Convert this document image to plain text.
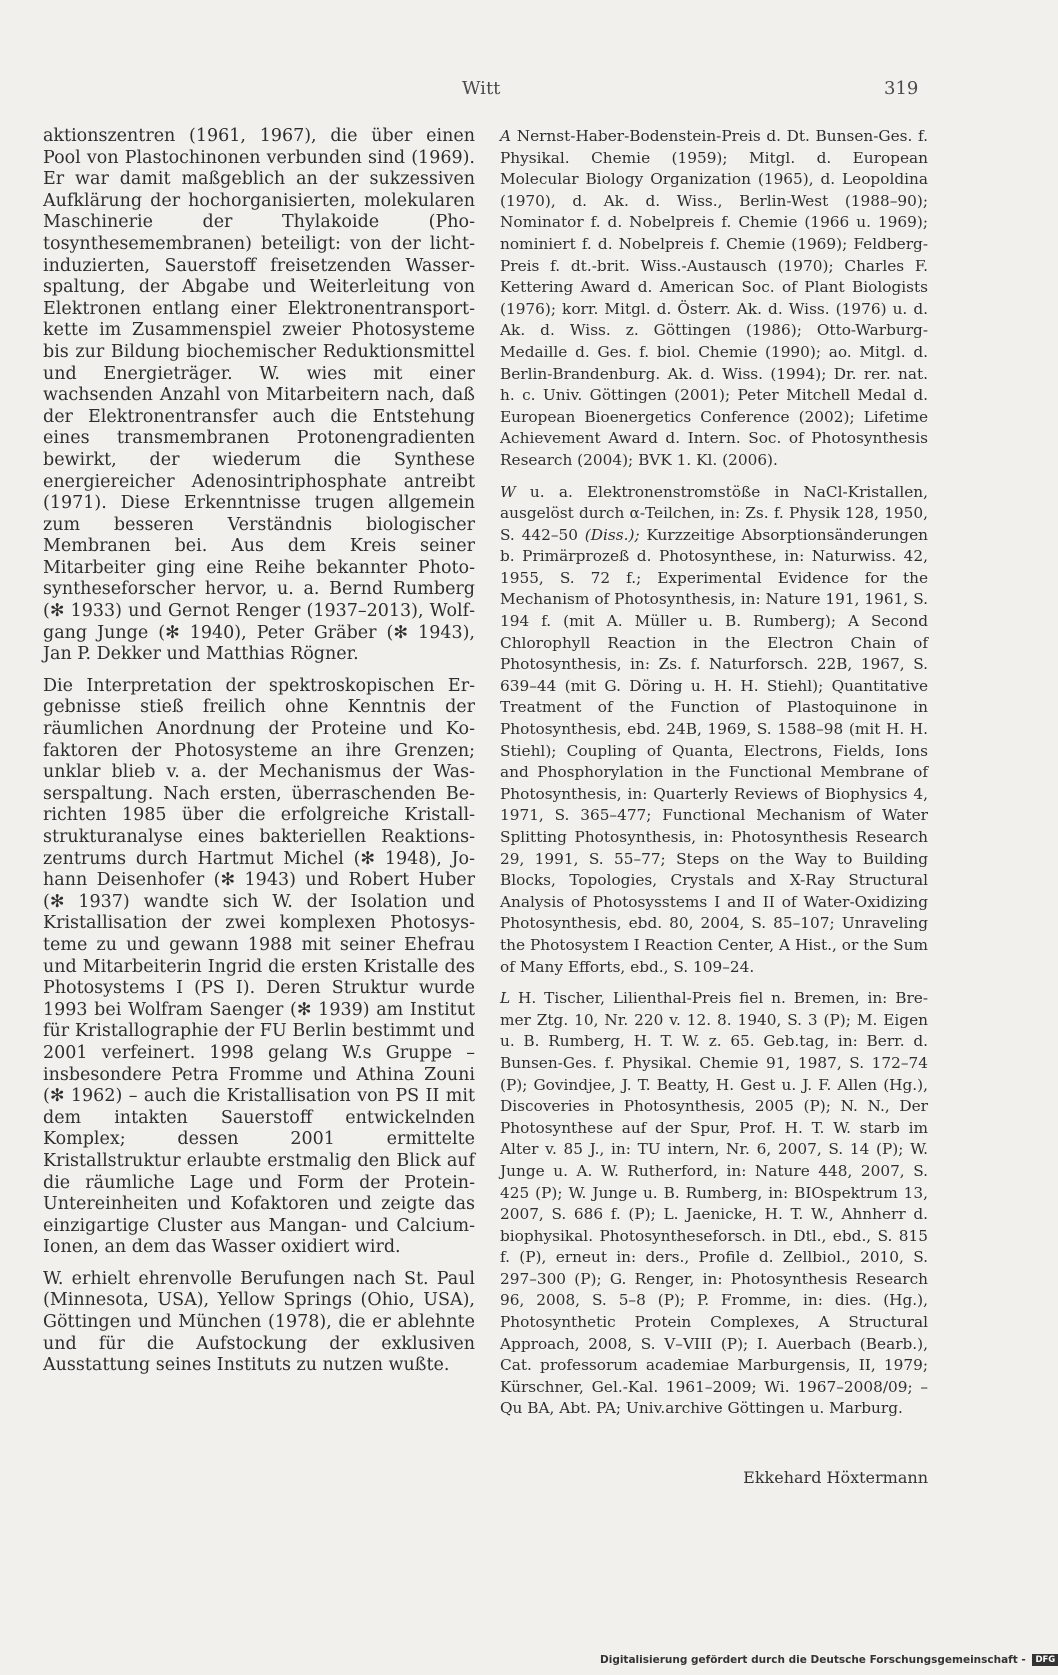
Witt	319

aktionszentren (1961, 1967), die über einen Pool von Plastochinonen verbunden sind (1969). Er war damit maßgeblich an der sukzessiven Aufklärung der hochorganisierten, molekularen Maschinerie der Thylakoide (Photosynthesemembranen) beteiligt: von der lichtinduzierten, Sauerstoff freisetzenden Wasserspaltung, der Abgabe und Weiterleitung von Elektronen entlang einer Elektronentransportkette im Zusammenspiel zweier Photosysteme bis zur Bildung biochemischer Reduktionsmittel und Energieträger. W. wies mit einer wachsenden Anzahl von Mitarbeitern nach, daß der Elektronentransfer auch die Entstehung eines transmembranen Protonengradienten bewirkt, der wiederum die Synthese energiereicher Adenosintriphosphate antreibt (1971). Diese Erkenntnisse trugen allgemein zum besseren Verständnis biologischer Membranen bei. Aus dem Kreis seiner Mitarbeiter ging eine Reihe bekannter Photosyntheseforscher hervor, u. a. Bernd Rumberg (✻ 1933) und Gernot Renger (1937–2013), Wolfgang Junge (✻ 1940), Peter Gräber (✻ 1943), Jan P. Dekker und Matthias Rögner.

Die Interpretation der spektroskopischen Ergebnisse stieß freilich ohne Kenntnis der räumlichen Anordnung der Proteine und Kofaktoren der Photosysteme an ihre Grenzen; unklar blieb v. a. der Mechanismus der Wasserspaltung. Nach ersten, überraschenden Berichten 1985 über die erfolgreiche Kristallstrukturanalyse eines bakteriellen Reaktionszentrums durch Hartmut Michel (✻ 1948), Johann Deisenhofer (✻ 1943) und Robert Huber (✻ 1937) wandte sich W. der Isolation und Kristallisation der zwei komplexen Photosysteme zu und gewann 1988 mit seiner Ehefrau und Mitarbeiterin Ingrid die ersten Kristalle des Photosystems I (PS I). Deren Struktur wurde 1993 bei Wolfram Saenger (✻ 1939) am Institut für Kristallographie der FU Berlin bestimmt und 2001 verfeinert. 1998 gelang W.s Gruppe – insbesondere Petra Fromme und Athina Zouni (✻ 1962) – auch die Kristallisation von PS II mit dem intakten Sauerstoff entwickelnden Komplex; dessen 2001 ermittelte Kristallstruktur erlaubte erstmalig den Blick auf die räumliche Lage und Form der Protein-Untereinheiten und Kofaktoren und zeigte das einzigartige Cluster aus Mangan- und Calcium-Ionen, an dem das Wasser oxidiert wird.

W. erhielt ehrenvolle Berufungen nach St. Paul (Minnesota, USA), Yellow Springs (Ohio, USA), Göttingen und München (1978), die er ablehnte und für die Aufstockung der exklusiven Ausstattung seines Instituts zu nutzen wußte.

A Nernst-Haber-Bodenstein-Preis d. Dt. Bunsen-Ges. f. Physikal. Chemie (1959); Mitgl. d. European Molecular Biology Organization (1965), d. Leopoldina (1970), d. Ak. d. Wiss., Berlin-West (1988–90); Nominator f. d. Nobelpreis f. Chemie (1966 u. 1969); nominiert f. d. Nobelpreis f. Chemie (1969); Feldberg-Preis f. dt.-brit. Wiss.-Austausch (1970); Charles F. Kettering Award d. American Soc. of Plant Biologists (1976); korr. Mitgl. d. Österr. Ak. d. Wiss. (1976) u. d. Ak. d. Wiss. z. Göttingen (1986); Otto-Warburg-Medaille d. Ges. f. biol. Chemie (1990); ao. Mitgl. d. Berlin-Brandenburg. Ak. d. Wiss. (1994); Dr. rer. nat. h. c. Univ. Göttingen (2001); Peter Mitchell Medal d. European Bioenergetics Conference (2002); Lifetime Achievement Award d. Intern. Soc. of Photosynthesis Research (2004); BVK 1. Kl. (2006).

W u. a. Elektronenstromstöße in NaCl-Kristallen, ausgelöst durch α-Teilchen, in: Zs. f. Physik 128, 1950, S. 442–50 (Diss.); Kurzzeitige Absorptionsänderungen b. Primärprozeß d. Photosynthese, in: Naturwiss. 42, 1955, S. 72 f.; Experimental Evidence for the Mechanism of Photosynthesis, in: Nature 191, 1961, S. 194 f. (mit A. Müller u. B. Rumberg); A Second Chlorophyll Reaction in the Electron Chain of Photosynthesis, in: Zs. f. Naturforsch. 22B, 1967, S. 639–44 (mit G. Döring u. H. H. Stiehl); Quantitative Treatment of the Function of Plastoquinone in Photosynthesis, ebd. 24B, 1969, S. 1588–98 (mit H. H. Stiehl); Coupling of Quanta, Electrons, Fields, Ions and Phosphorylation in the Functional Membrane of Photosynthesis, in: Quarterly Reviews of Biophysics 4, 1971, S. 365–477; Functional Mechanism of Water Splitting Photosynthesis, in: Photosynthesis Research 29, 1991, S. 55–77; Steps on the Way to Building Blocks, Topologies, Crystals and X-Ray Structural Analysis of Photosysstems I and II of Water-Oxidizing Photosynthesis, ebd. 80, 2004, S. 85–107; Unraveling the Photosystem I Reaction Center, A Hist., or the Sum of Many Efforts, ebd., S. 109–24.

L H. Tischer, Lilienthal-Preis fiel n. Bremen, in: Bremer Ztg. 10, Nr. 220 v. 12. 8. 1940, S. 3 (P); M. Eigen u. B. Rumberg, H. T. W. z. 65. Geb.tag, in: Berr. d. Bunsen-Ges. f. Physikal. Chemie 91, 1987, S. 172–74 (P); Govindjee, J. T. Beatty, H. Gest u. J. F. Allen (Hg.), Discoveries in Photosynthesis, 2005 (P); N. N., Der Photosynthese auf der Spur, Prof. H. T. W. starb im Alter v. 85 J., in: TU intern, Nr. 6, 2007, S. 14 (P); W. Junge u. A. W. Rutherford, in: Nature 448, 2007, S. 425 (P); W. Junge u. B. Rumberg, in: BIOspektrum 13, 2007, S. 686 f. (P); L. Jaenicke, H. T. W., Ahnherr d. biophysikal. Photosyntheseforsch. in Dtl., ebd., S. 815 f. (P), erneut in: ders., Profile d. Zellbiol., 2010, S. 297–300 (P); G. Renger, in: Photosynthesis Research 96, 2008, S. 5–8 (P); P. Fromme, in: dies. (Hg.), Photosynthetic Protein Complexes, A Structural Approach, 2008, S. V–VIII (P); I. Auerbach (Bearb.), Cat. professorum academiae Marburgensis, II, 1979; Kürschner, Gel.-Kal. 1961–2009; Wi. 1967–2008/09; – Qu BA, Abt. PA; Univ.archive Göttingen u. Marburg.

Ekkehard Höxtermann
Digitalisierung gefördert durch die Deutsche Forschungsgemeinschaft - DFG
